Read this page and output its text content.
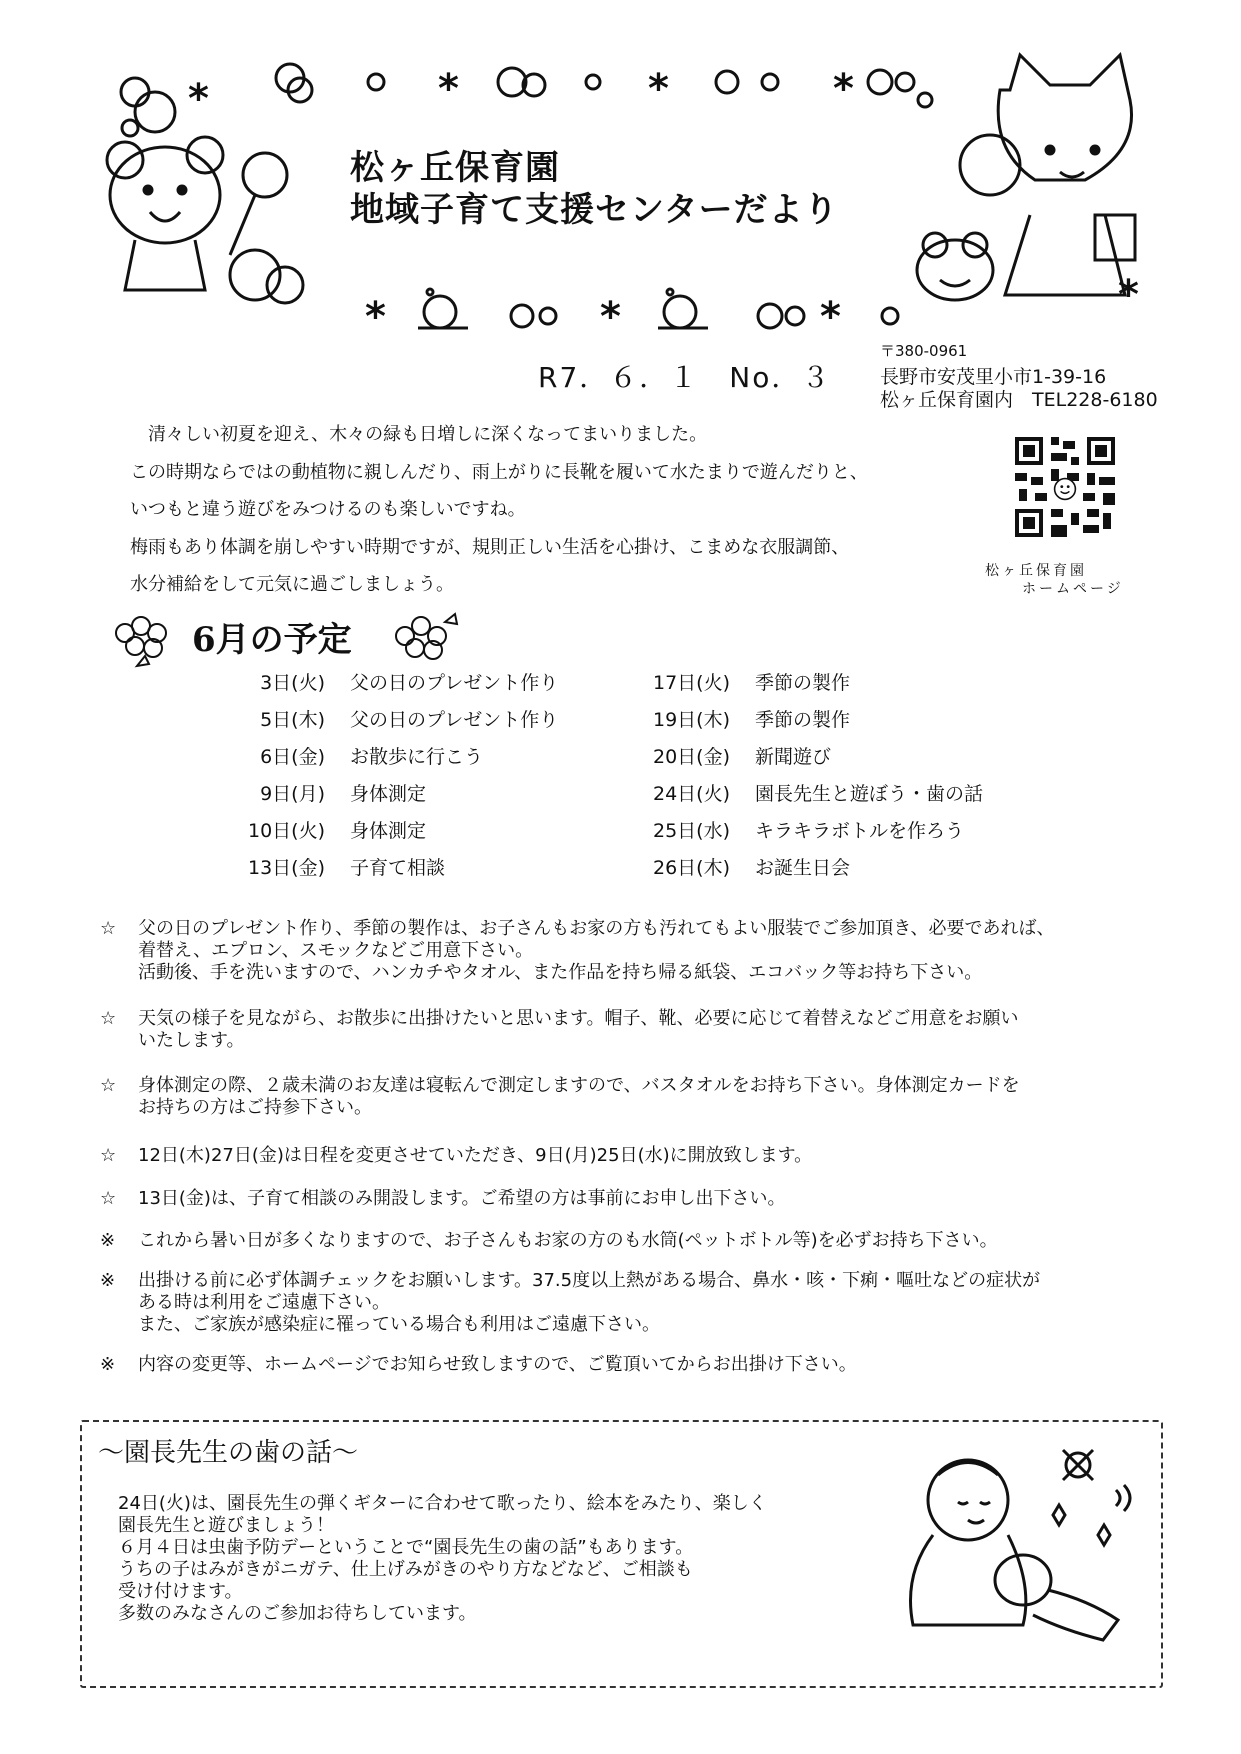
*	*	*	*
*	*	*	*
松ヶ丘保育園
地域子育て支援センターだより
R7．６．１　No．３
〒380-0961
長野市安茂里小市1-39-16
松ヶ丘保育園内　TEL228-6180

　清々しい初夏を迎え、木々の緑も日増しに深くなってまいりました。

この時期ならではの動植物に親しんだり、雨上がりに長靴を履いて水たまりで遊んだりと、

いつもと違う遊びをみつけるのも楽しいですね。

梅雨もあり体調を崩しやすい時期ですが、規則正しい生活を心掛け、こまめな衣服調節、

水分補給をして元気に過ごしましょう。

松ヶ丘保育園
ホームページ
6月の予定
3日(火) 父の日のプレゼント作り
5日(木) 父の日のプレゼント作り
6日(金) お散歩に行こう
9日(月) 身体測定
10日(火) 身体測定
13日(金) 子育て相談
17日(火) 季節の製作
19日(木) 季節の製作
20日(金) 新聞遊び
24日(火) 園長先生と遊ぼう・歯の話
25日(水) キラキラボトルを作ろう
26日(木) お誕生日会
☆	父の日のプレゼント作り、季節の製作は、お子さんもお家の方も汚れてもよい服装でご参加頂き、必要であれば、
着替え、エプロン、スモックなどご用意下さい。
活動後、手を洗いますので、ハンカチやタオル、また作品を持ち帰る紙袋、エコバック等お持ち下さい。
☆	天気の様子を見ながら、お散歩に出掛けたいと思います。帽子、靴、必要に応じて着替えなどご用意をお願い
いたします。
☆	身体測定の際、２歳未満のお友達は寝転んで測定しますので、バスタオルをお持ち下さい。身体測定カードを
お持ちの方はご持参下さい。
☆	12日(木)27日(金)は日程を変更させていただき、9日(月)25日(水)に開放致します。
☆	13日(金)は、子育て相談のみ開設します。ご希望の方は事前にお申し出下さい。
※	これから暑い日が多くなりますので、お子さんもお家の方のも水筒(ペットボトル等)を必ずお持ち下さい。
※	出掛ける前に必ず体調チェックをお願いします。37.5度以上熱がある場合、鼻水・咳・下痢・嘔吐などの症状が
ある時は利用をご遠慮下さい。
また、ご家族が感染症に罹っている場合も利用はご遠慮下さい。
※	内容の変更等、ホームページでお知らせ致しますので、ご覧頂いてからお出掛け下さい。
～園長先生の歯の話～
24日(火)は、園長先生の弾くギターに合わせて歌ったり、絵本をみたり、楽しく
園長先生と遊びましょう！
６月４日は虫歯予防デーということで“園長先生の歯の話”もあります。
うちの子はみがきがニガテ、仕上げみがきのやり方などなど、ご相談も
受け付けます。
多数のみなさんのご参加お待ちしています。
